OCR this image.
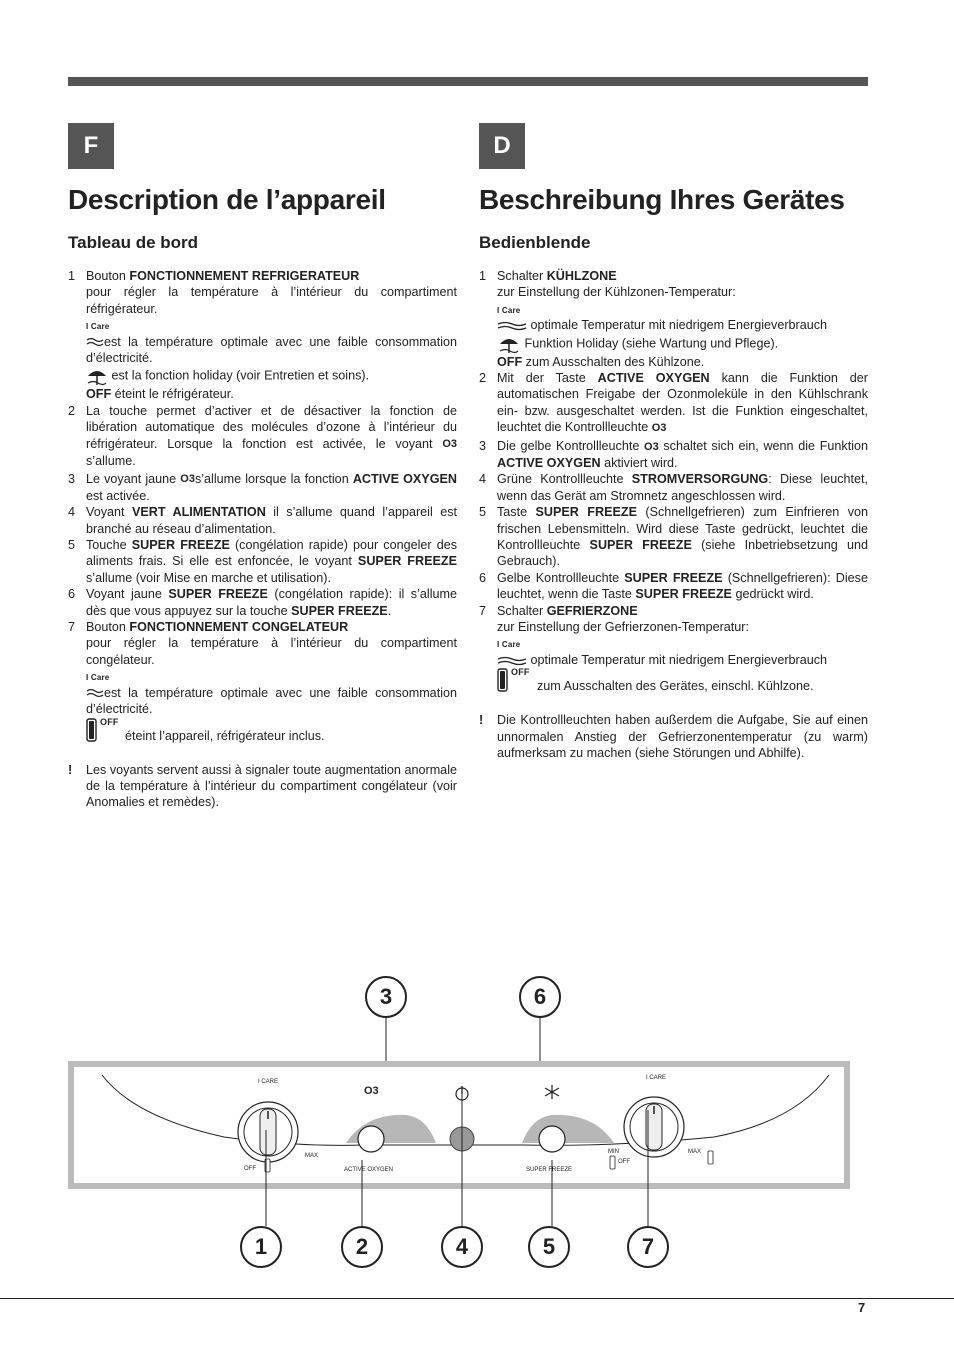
F
Description de l’appareil
Tableau de bord
1 Bouton FONCTIONNEMENT REFRIGERATEUR
pour régler la température à l’intérieur du compartiment réfrigérateur.
I Care
est la température optimale avec une faible consommation d’électricité.
est la fonction holiday (voir Entretien et soins).
OFF éteint le réfrigérateur.
2 La touche permet d’activer et de désactiver la fonction de libération automatique des molécules d’ozone à l’intérieur du réfrigérateur. Lorsque la fonction est activée, le voyant O3 s’allume.
3 Le voyant jaune O3s’allume lorsque la fonction ACTIVE OXYGEN est activée.
4 Voyant VERT ALIMENTATION il s’allume quand l’appareil est branché au réseau d’alimentation.
5 Touche SUPER FREEZE (congélation rapide) pour congeler des aliments frais. Si elle est enfoncée, le voyant SUPER FREEZE s’allume (voir Mise en marche et utilisation).
6 Voyant jaune SUPER FREEZE (congélation rapide): il s’allume dès que vous appuyez sur la touche SUPER FREEZE.
7 Bouton FONCTIONNEMENT CONGELATEUR
pour régler la température à l’intérieur du compartiment congélateur.
I Care
est la température optimale avec une faible consommation d’électricité.
OFF
éteint l’appareil, réfrigérateur inclus.
! Les voyants servent aussi à signaler toute augmentation anormale de la température à l’intérieur du compartiment congélateur (voir Anomalies et remèdes).
D
Beschreibung Ihres Gerätes
Bedienblende
1 Schalter KÜHLZONE
zur Einstellung der Kühlzonen-Temperatur:
I Care
optimale Temperatur mit niedrigem Energieverbrauch
Funktion Holiday (siehe Wartung und Pflege).
OFF zum Ausschalten des Kühlzone.
2 Mit der Taste ACTIVE OXYGEN kann die Funktion der automatischen Freigabe der Ozonmoleküle in den Kühlschrank ein- bzw. ausgeschaltet werden. Ist die Funktion eingeschaltet, leuchtet die Kontrollleuchte O3
3 Die gelbe Kontrollleuchte O3 schaltet sich ein, wenn die Funktion ACTIVE OXYGEN aktiviert wird.
4 Grüne Kontrollleuchte STROMVERSORGUNG: Diese leuchtet, wenn das Gerät am Stromnetz angeschlossen wird.
5 Taste SUPER FREEZE (Schnellgefrieren) zum Einfrieren von frischen Lebensmitteln. Wird diese Taste gedrückt, leuchtet die Kontrollleuchte SUPER FREEZE (siehe Inbetriebsetzung und Gebrauch).
6 Gelbe Kontrollleuchte SUPER FREEZE (Schnellgefrieren): Diese leuchtet, wenn die Taste SUPER FREEZE gedrückt wird.
7 Schalter GEFRIERZONE
zur Einstellung der Gefrierzonen-Temperatur:
I Care
optimale Temperatur mit niedrigem Energieverbrauch
OFF
zum Ausschalten des Gerätes, einschl. Kühlzone.
! Die Kontrollleuchten haben außerdem die Aufgabe, Sie auf einen unnormalen Anstieg der Gefrierzonentemperatur (zu warm) aufmerksam zu machen (siehe Störungen und Abhilfe).
I CARE
MAX
OFF
O3
ACTIVE OXYGEN	SUPER FREEZE
I CARE
MIN
OFF
MAX
3	6
1	2	4	5	7
7
